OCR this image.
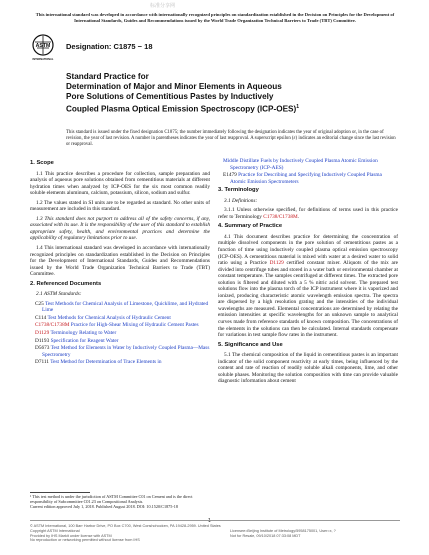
标准分享网
This international standard was developed in accordance with internationally recognized principles on standardization established in the Decision on Principles for the Development of International Standards, Guides and Recommendations issued by the World Trade Organization Technical Barriers to Trade (TBT) Committee.
ASTM
INTERNATIONAL
Designation: C1875 − 18
Standard Practice for
Determination of Major and Minor Elements in Aqueous
Pore Solutions of Cementitious Pastes by Inductively
Coupled Plasma Optical Emission Spectroscopy $(ICP-OES)^1$
This standard is issued under the fixed designation C1875; the number immediately following the designation indicates the year of original adoption or, in the case of revision, the year of last revision. A number in parentheses indicates the year of last reapproval. A superscript epsilon (ε) indicates an editorial change since the last revision or reapproval.
1. Scope
1.1 This practice describes a procedure for collection, sample preparation and analysis of aqueous pore solutions obtained from cementitious materials at different hydration times when analyzed by ICP-OES for the six most common readily soluble elements aluminum, calcium, potassium, silicon, sodium and sulfur.
1.2 The values stated in SI units are to be regarded as standard. No other units of measurement are included in this standard.
1.3 This standard does not purport to address all of the safety concerns, if any, associated with its use. It is the responsibility of the user of this standard to establish appropriate safety, health, and environmental practices and determine the applicability of regulatory limitations prior to use.
1.4 This international standard was developed in accordance with internationally recognized principles on standardization established in the Decision on Principles for the Development of International Standards, Guides and Recommendations issued by the World Trade Organization Technical Barriers to Trade (TBT) Committee.
2. Referenced Documents
2.1 ASTM Standards:
C25 Test Methods for Chemical Analysis of Limestone, Quicklime, and Hydrated Lime
C114 Test Methods for Chemical Analysis of Hydraulic Cement
C1738/C1738M Practice for High-Shear Mixing of Hydraulic Cement Pastes
D1129 Terminology Relating to Water
D1193 Specification for Reagent Water
D5673 Test Method for Elements in Water by Inductively Coupled Plasma—Mass Spectrometry
D7111 Test Method for Determination of Trace Elements in
Middle Distillate Fuels by Inductively Coupled Plasma Atomic Emission Spectrometry (ICP-AES)
E1479 Practice for Describing and Specifying Inductively Coupled Plasma Atomic Emission Spectrometers
3. Terminology
3.1 Definitions:
3.1.1 Unless otherwise specified, for definitions of terms used in this practice refer to Terminology C1738/C1738M.
4. Summary of Practice
4.1 This document describes practice for determining the concentration of multiple dissolved components in the pore solution of cementitious pastes as a function of time using inductively coupled plasma optical emission spectroscopy (ICP-OES). A cementitious material is mixed with water at a desired water to solid ratio using a Practice D1129 certified constant mixer. Aliquots of the mix are divided into centrifuge tubes and stored in a water bath or environmental chamber at constant temperature. The samples centrifuged at different times. The extracted pore solution is filtered and diluted with a 5 % nitric acid solvent. The prepared test solutions flow into the plasma torch of the ICP instrument where it is vaporized and ionized, producing characteristic atomic wavelength emission spectra. The spectra are dispersed by a high resolution grating and the intensities of the individual wavelengths are measured. Elemental concentrations are determined by relating the emission intensities at specific wavelengths for an unknown sample to analytical curves made from reference standards of known composition. The concentrations of the elements in the solutions can then be calculated. Internal standards compensate for variations in test sample flow rates in the instrument.
5. Significance and Use
5.1 The chemical composition of the liquid in cementitious pastes is an important indicator of the solid component reactivity at early times, being influenced by the content and rate of reaction of readily soluble alkali components, lime, and other soluble phases. Monitoring the solution composition with time can provide valuable diagnostic information about cement
¹ This test method is under the jurisdiction of ASTM Committee C01 on Cement and is the direct responsibility of Subcommittee C01.23 on Compositional Analysis.
Current edition approved July 1, 2018. Published August 2018. DOI: 10.1520/C1875-18
1
© ASTM International, 100 Barr Harbor Drive, PO Box C700, West Conshohocken, PA 19428-2959. United States
Copyright ASTM International
Provided by IHS Markit under license with ASTM
No reproduction or networking permitted without license from IHS
Licensee=Beijing Institute of Metrology/5958175001, User=x, ?
Not for Resale, 09/10/2018 07:33:08 MDT
